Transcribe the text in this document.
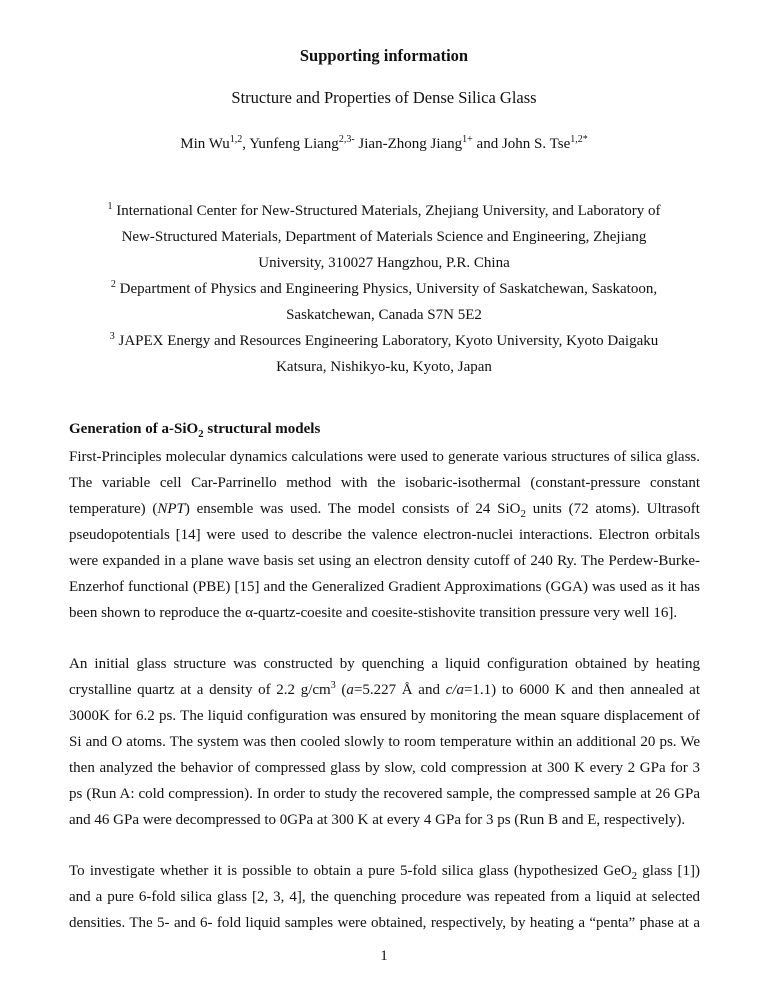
Supporting information
Structure and Properties of Dense Silica Glass
Min Wu$^{1,2}$, Yunfeng Liang$^{2,3-}$ Jian-Zhong Jiang$^{1+}$ and John S. Tse$^{1,2*}$
$^1$ International Center for New-Structured Materials, Zhejiang University, and Laboratory of
New-Structured Materials, Department of Materials Science and Engineering, Zhejiang
University, 310027 Hangzhou, P.R. China
$^2$ Department of Physics and Engineering Physics, University of Saskatchewan, Saskatoon,
Saskatchewan, Canada S7N 5E2
$^3$ JAPEX Energy and Resources Engineering Laboratory, Kyoto University, Kyoto Daigaku
Katsura, Nishikyo-ku, Kyoto, Japan
Generation of a-SiO$_2$ structural models
First-Principles molecular dynamics calculations were used to generate various structures of silica glass.
The variable cell Car-Parrinello method with the isobaric-isothermal (constant-pressure constant
temperature) (NPT) ensemble was used. The model consists of 24 SiO$_2$ units (72 atoms). Ultrasoft
pseudopotentials [14] were used to describe the valence electron-nuclei interactions. Electron orbitals
were expanded in a plane wave basis set using an electron density cutoff of 240 Ry. The Perdew-Burke-
Enzerhof functional (PBE) [15] and the Generalized Gradient Approximations (GGA) was used as it has
been shown to reproduce the α-quartz-coesite and coesite-stishovite transition pressure very well 16].
An initial glass structure was constructed by quenching a liquid configuration obtained by heating
crystalline quartz at a density of 2.2 $g/cm^3$ (a=5.227 Å and c/a=1.1) to 6000 K and then annealed at
3000K for 6.2 ps. The liquid configuration was ensured by monitoring the mean square displacement of
Si and O atoms. The system was then cooled slowly to room temperature within an additional 20 ps. We
then analyzed the behavior of compressed glass by slow, cold compression at 300 K every 2 GPa for 3
ps (Run A: cold compression). In order to study the recovered sample, the compressed sample at 26 GPa
and 46 GPa were decompressed to 0GPa at 300 K at every 4 GPa for 3 ps (Run B and E, respectively).
To investigate whether it is possible to obtain a pure 5-fold silica glass (hypothesized GeO$_2$ glass [1])
and a pure 6-fold silica glass [2, 3, 4], the quenching procedure was repeated from a liquid at selected
densities. The 5- and 6- fold liquid samples were obtained, respectively, by heating a “penta” phase at a
1
